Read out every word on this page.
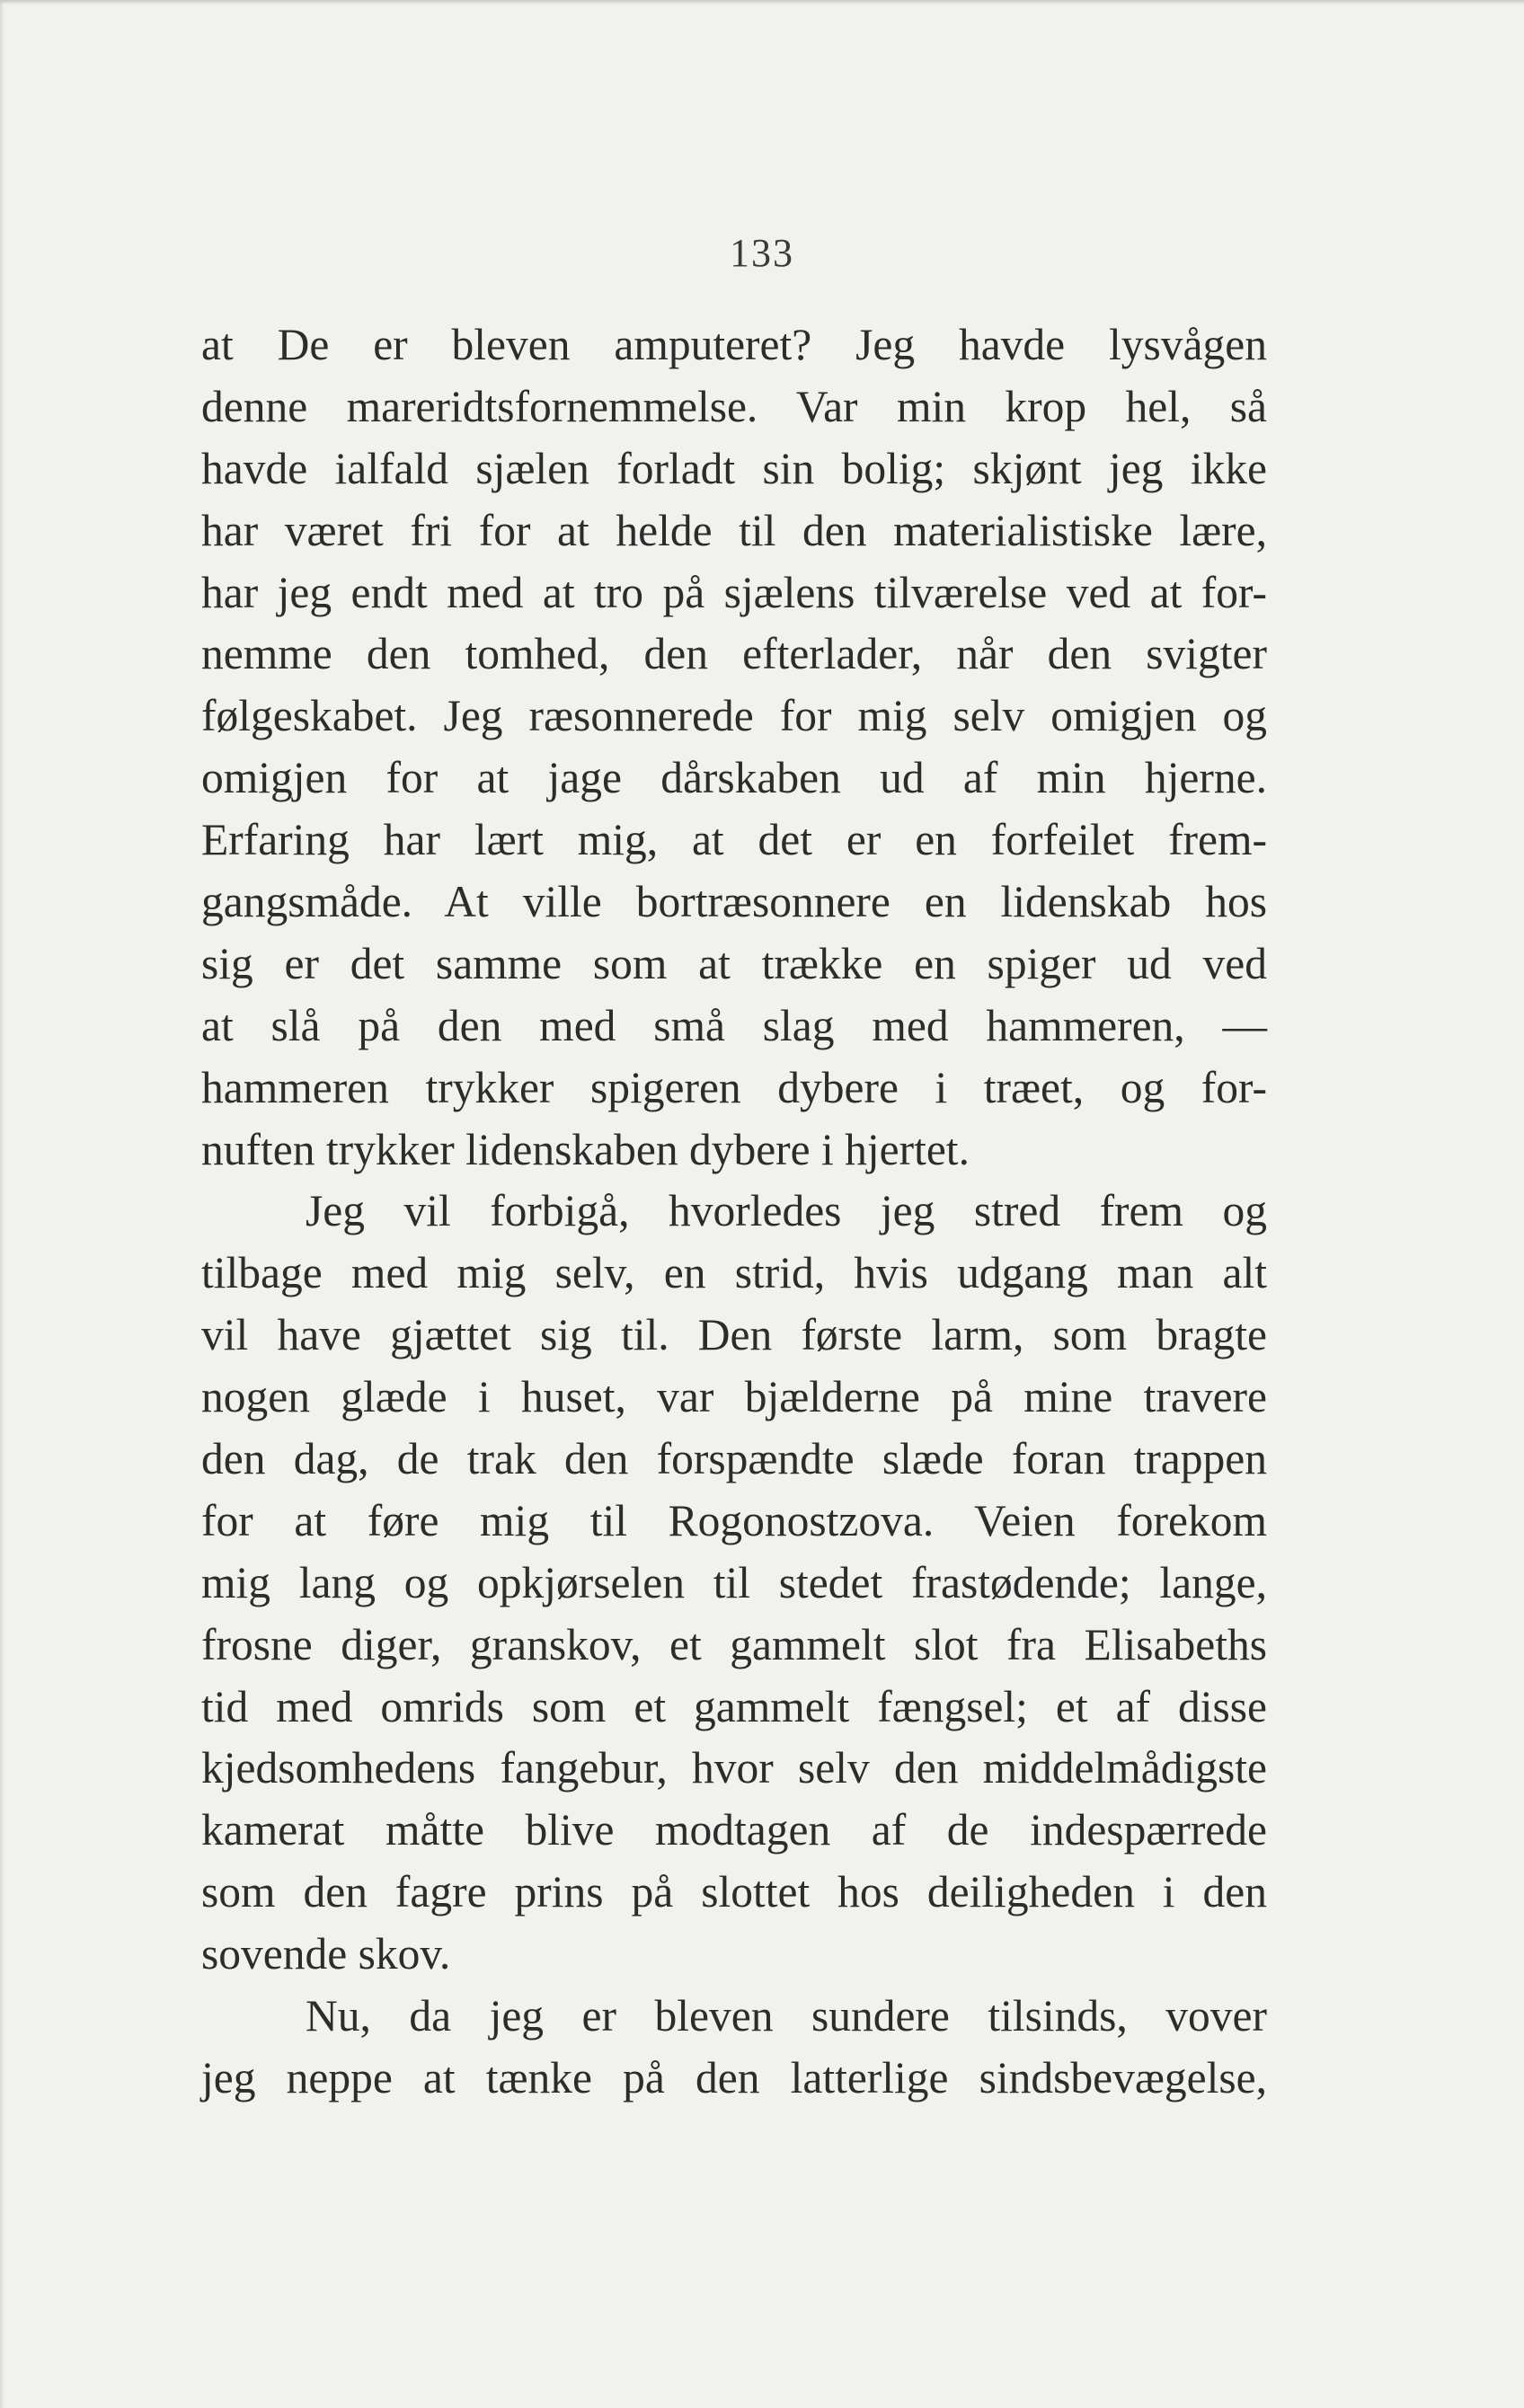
133
at De er bleven amputeret? Jeg havde lysvågen
denne mareridtsfornemmelse. Var min krop hel, så
havde ialfald sjælen forladt sin bolig; skjønt jeg ikke
har været fri for at helde til den materialistiske lære,
har jeg endt med at tro på sjælens tilværelse ved at for-
nemme den tomhed, den efterlader, når den svigter
følgeskabet. Jeg ræsonnerede for mig selv omigjen og
omigjen for at jage dårskaben ud af min hjerne.
Erfaring har lært mig, at det er en forfeilet frem-
gangsmåde. At ville bortræsonnere en lidenskab hos
sig er det samme som at trække en spiger ud ved
at slå på den med små slag med hammeren, —
hammeren trykker spigeren dybere i træet, og for-
nuften trykker lidenskaben dybere i hjertet.
Jeg vil forbigå, hvorledes jeg stred frem og
tilbage med mig selv, en strid, hvis udgang man alt
vil have gjættet sig til. Den første larm, som bragte
nogen glæde i huset, var bjælderne på mine travere
den dag, de trak den forspændte slæde foran trappen
for at føre mig til Rogonostzova. Veien forekom
mig lang og opkjørselen til stedet frastødende; lange,
frosne diger, granskov, et gammelt slot fra Elisabeths
tid med omrids som et gammelt fængsel; et af disse
kjedsomhedens fangebur, hvor selv den middelmådigste
kamerat måtte blive modtagen af de indespærrede
som den fagre prins på slottet hos deiligheden i den
sovende skov.
Nu, da jeg er bleven sundere tilsinds, vover
jeg neppe at tænke på den latterlige sindsbevægelse,
